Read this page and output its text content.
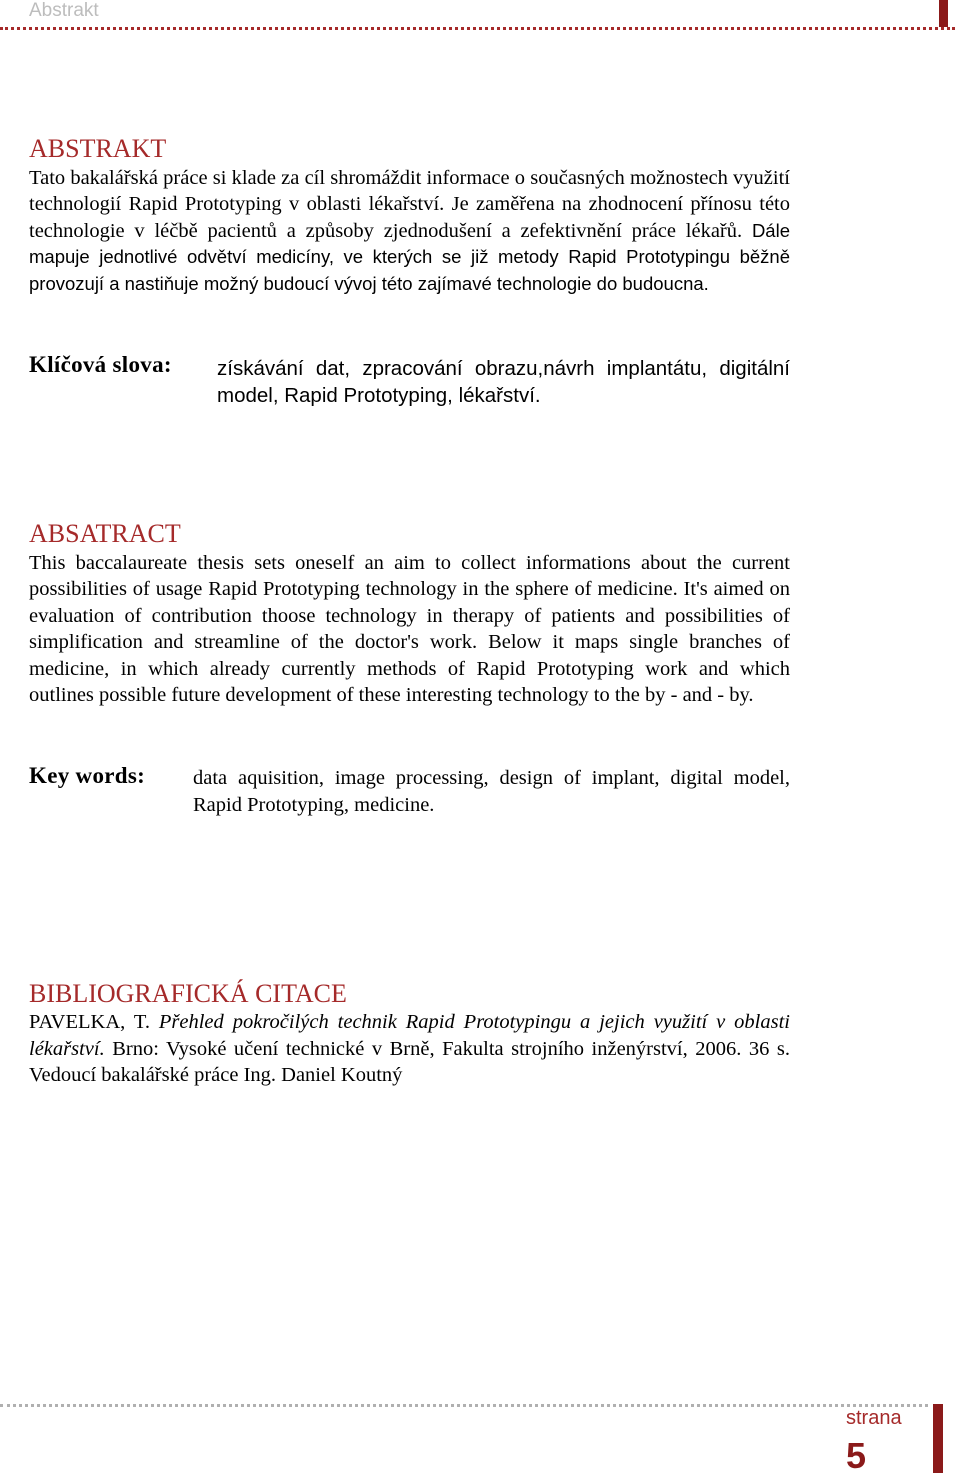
Abstrakt
ABSTRAKT

Tato bakalářská práce si klade za cíl shromáždit informace o současných možnostech využití technologií Rapid Prototyping v oblasti lékařství. Je zaměřena na zhodnocení přínosu této technologie v léčbě pacientů a způsoby zjednodušení a zefektivnění práce lékařů. Dále mapuje jednotlivé odvětví medicíny, ve kterých se již metody Rapid Prototypingu běžně provozují a nastiňuje možný budoucí vývoj této zajímavé technologie do budoucna.

Klíčová slova: získávání dat, zpracování obrazu,návrh implantátu, digitální model, Rapid Prototyping, lékařství.

ABSATRACT

This baccalaureate thesis sets oneself an aim to collect informations about the current possibilities of usage Rapid Prototyping technology in the sphere of medicine. It's aimed on evaluation of contribution thoose technology in therapy of patients and possibilities of simplification and streamline of the doctor's work. Below it maps single branches of medicine, in which already currently methods of Rapid Prototyping work and which outlines possible future development of these interesting technology to the by - and - by.

Key words: data aquisition, image processing, design of implant, digital model, Rapid Prototyping, medicine.

BIBLIOGRAFICKÁ CITACE

PAVELKA, T. Přehled pokročilých technik Rapid Prototypingu a jejich využití v oblasti lékařství. Brno: Vysoké učení technické v Brně, Fakulta strojního inženýrství, 2006. 36 s. Vedoucí bakalářské práce Ing. Daniel Koutný

strana
5
